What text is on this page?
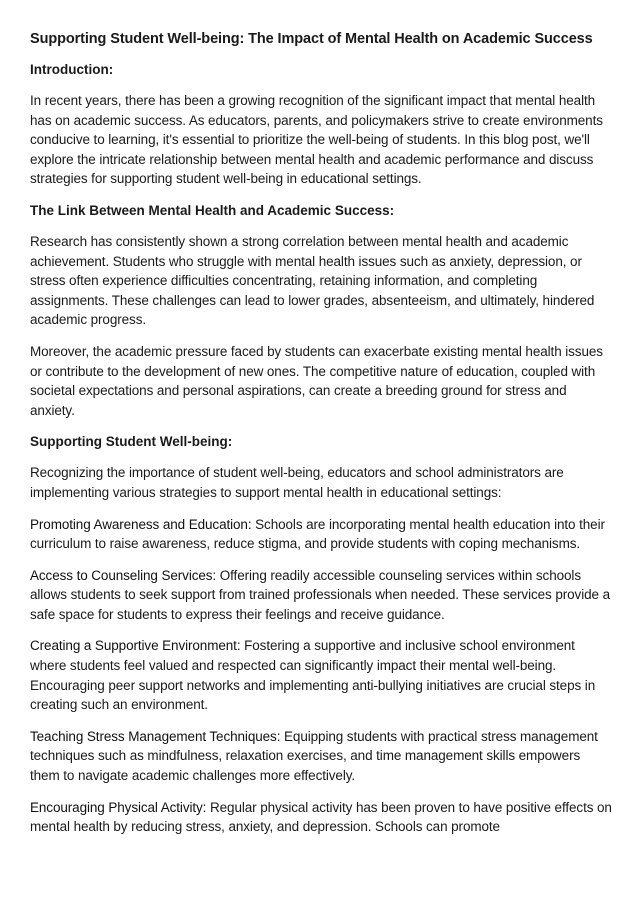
Supporting Student Well-being: The Impact of Mental Health on Academic Success
Introduction:
In recent years, there has been a growing recognition of the significant impact that mental health has on academic success. As educators, parents, and policymakers strive to create environments conducive to learning, it's essential to prioritize the well-being of students. In this blog post, we'll explore the intricate relationship between mental health and academic performance and discuss strategies for supporting student well-being in educational settings.
The Link Between Mental Health and Academic Success:
Research has consistently shown a strong correlation between mental health and academic achievement. Students who struggle with mental health issues such as anxiety, depression, or stress often experience difficulties concentrating, retaining information, and completing assignments. These challenges can lead to lower grades, absenteeism, and ultimately, hindered academic progress.
Moreover, the academic pressure faced by students can exacerbate existing mental health issues or contribute to the development of new ones. The competitive nature of education, coupled with societal expectations and personal aspirations, can create a breeding ground for stress and anxiety.
Supporting Student Well-being:
Recognizing the importance of student well-being, educators and school administrators are implementing various strategies to support mental health in educational settings:
Promoting Awareness and Education: Schools are incorporating mental health education into their curriculum to raise awareness, reduce stigma, and provide students with coping mechanisms.
Access to Counseling Services: Offering readily accessible counseling services within schools allows students to seek support from trained professionals when needed. These services provide a safe space for students to express their feelings and receive guidance.
Creating a Supportive Environment: Fostering a supportive and inclusive school environment where students feel valued and respected can significantly impact their mental well-being. Encouraging peer support networks and implementing anti-bullying initiatives are crucial steps in creating such an environment.
Teaching Stress Management Techniques: Equipping students with practical stress management techniques such as mindfulness, relaxation exercises, and time management skills empowers them to navigate academic challenges more effectively.
Encouraging Physical Activity: Regular physical activity has been proven to have positive effects on mental health by reducing stress, anxiety, and depression. Schools can promote
